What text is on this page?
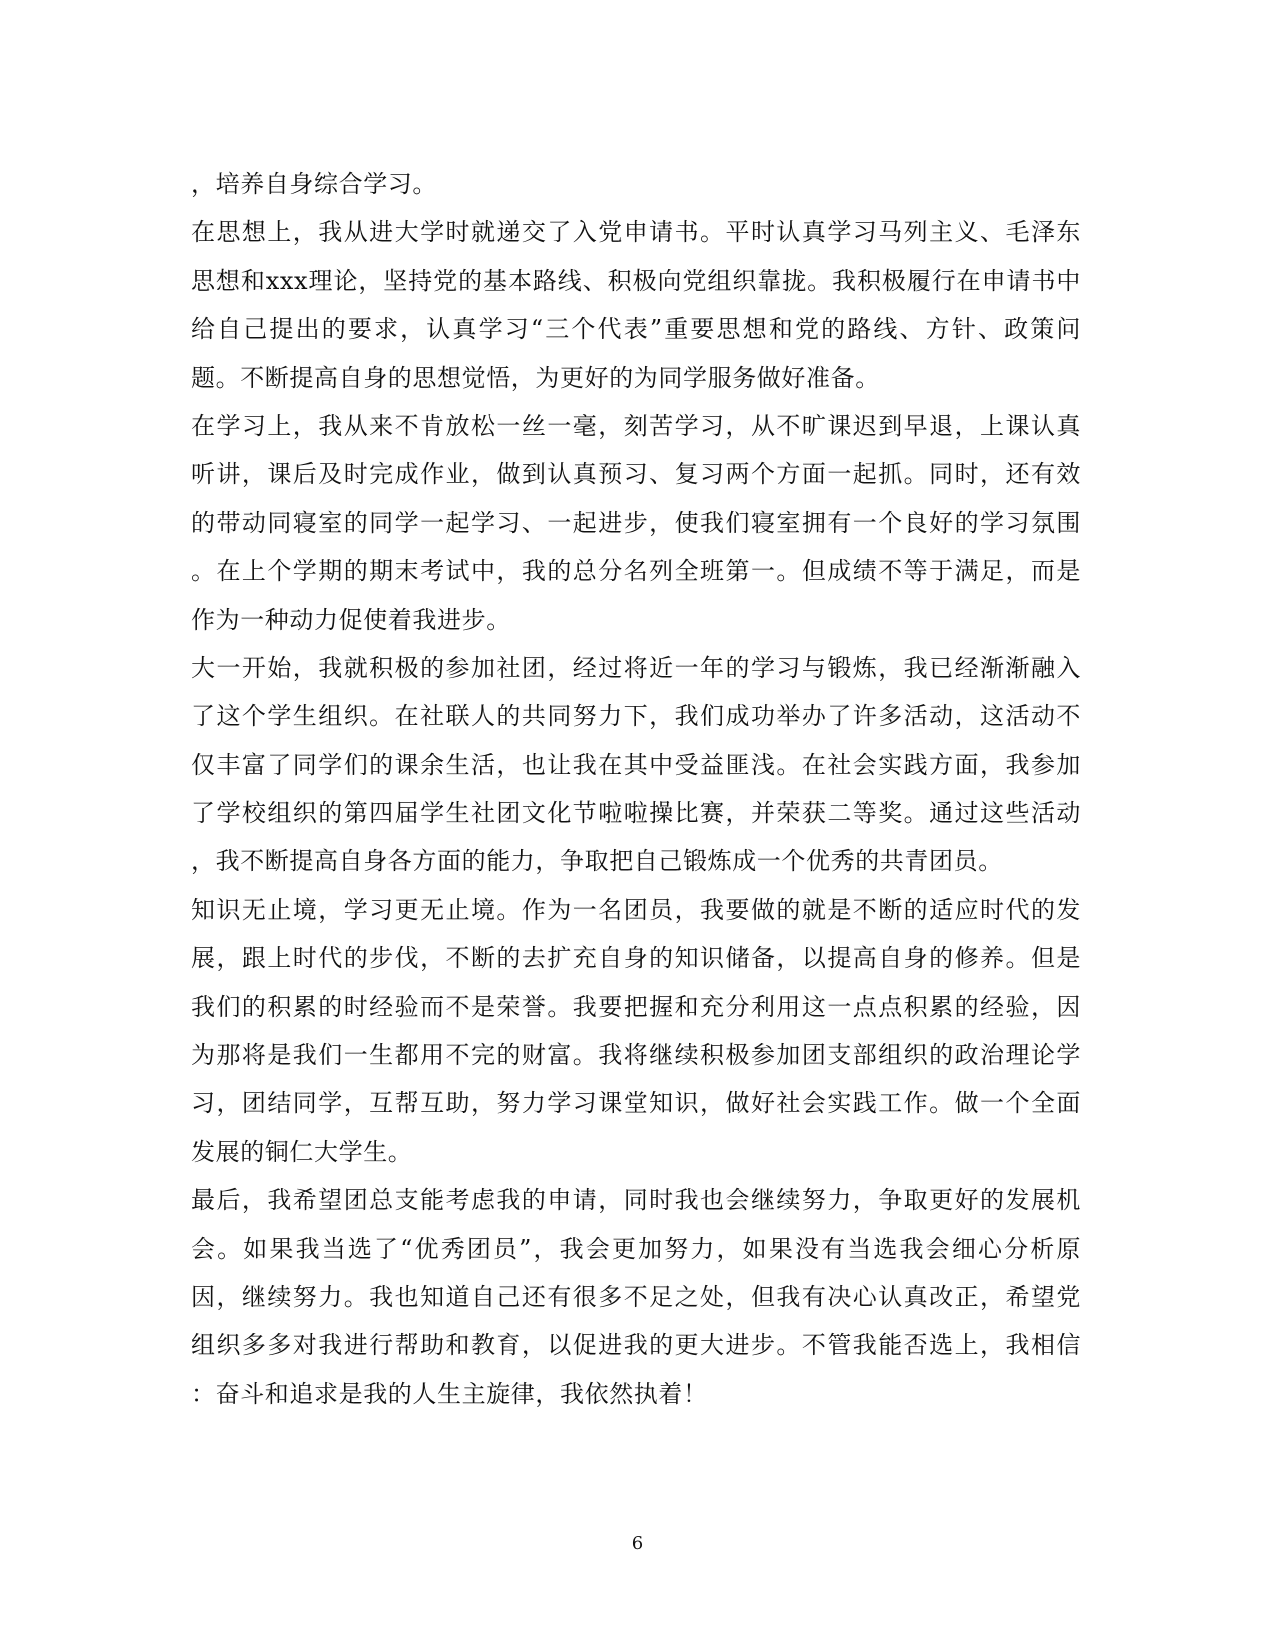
，培养自身综合学习。
在思想上，我从进大学时就递交了入党申请书。平时认真学习马列主义、毛泽东
思想和xxx理论，坚持党的基本路线、积极向党组织靠拢。我积极履行在申请书中
给自己提出的要求，认真学习“三个代表”重要思想和党的路线、方针、政策问
题。不断提高自身的思想觉悟，为更好的为同学服务做好准备。
在学习上，我从来不肯放松一丝一毫，刻苦学习，从不旷课迟到早退，上课认真
听讲，课后及时完成作业，做到认真预习、复习两个方面一起抓。同时，还有效
的带动同寝室的同学一起学习、一起进步，使我们寝室拥有一个良好的学习氛围
。在上个学期的期末考试中，我的总分名列全班第一。但成绩不等于满足，而是
作为一种动力促使着我进步。
大一开始，我就积极的参加社团，经过将近一年的学习与锻炼，我已经渐渐融入
了这个学生组织。在社联人的共同努力下，我们成功举办了许多活动，这活动不
仅丰富了同学们的课余生活，也让我在其中受益匪浅。在社会实践方面，我参加
了学校组织的第四届学生社团文化节啦啦操比赛，并荣获二等奖。通过这些活动
，我不断提高自身各方面的能力，争取把自己锻炼成一个优秀的共青团员。
知识无止境，学习更无止境。作为一名团员，我要做的就是不断的适应时代的发
展，跟上时代的步伐，不断的去扩充自身的知识储备，以提高自身的修养。但是
我们的积累的时经验而不是荣誉。我要把握和充分利用这一点点积累的经验，因
为那将是我们一生都用不完的财富。我将继续积极参加团支部组织的政治理论学
习，团结同学，互帮互助，努力学习课堂知识，做好社会实践工作。做一个全面
发展的铜仁大学生。
最后，我希望团总支能考虑我的申请，同时我也会继续努力，争取更好的发展机
会。如果我当选了“优秀团员”，我会更加努力，如果没有当选我会细心分析原
因，继续努力。我也知道自己还有很多不足之处，但我有决心认真改正，希望党
组织多多对我进行帮助和教育，以促进我的更大进步。不管我能否选上，我相信
：奋斗和追求是我的人生主旋律，我依然执着！
6
